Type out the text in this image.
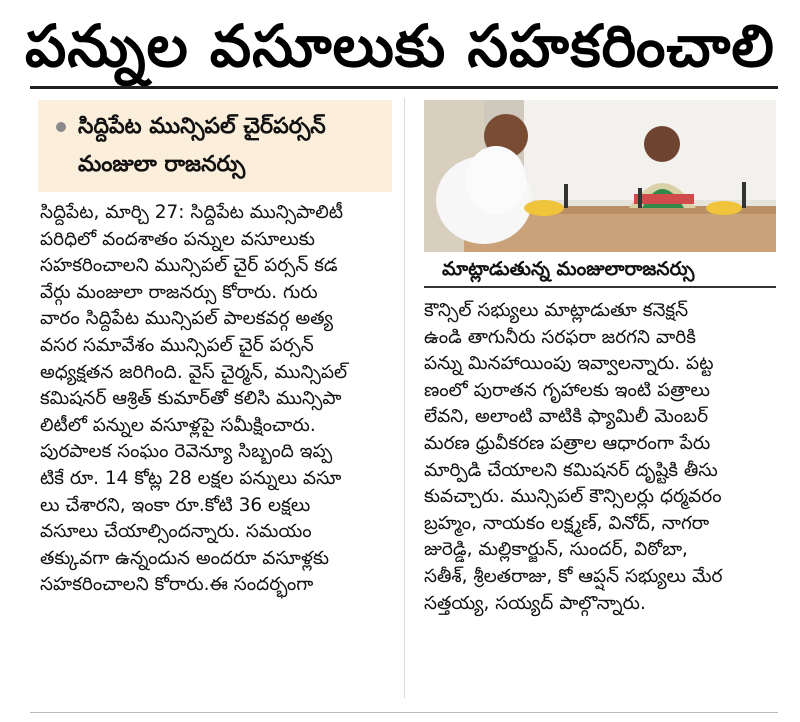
పన్నుల వసూలుకు సహకరించాలి
సిద్దిపేట మున్సిపల్ చైర్‌పర్సన్
మంజులా రాజనర్సు
సిద్దిపేట, మార్చి 27: సిద్దిపేట మున్సిపాలిటీ
పరిధిలో వందశాతం పన్నుల వసూలుకు
సహకరించాలని మున్సిపల్ చైర్ పర్సన్ కడ
వేర్గు మంజులా రాజనర్సు కోరారు. గురు
వారం సిద్దిపేట మున్సిపల్ పాలకవర్గ అత్య
వసర సమావేశం మున్సిపల్ చైర్ పర్సన్
అధ్యక్షతన జరిగింది. వైస్ చైర్మన్, మున్సిపల్
కమిషనర్ ఆశ్రిత్ కుమార్‌తో కలిసి మున్సిపా
లిటీలో పన్నుల వసూళ్లపై సమీక్షించారు.
పురపాలక సంఘం రెవెన్యూ సిబ్బంది ఇప్ప
టికే రూ. 14 కోట్ల 28 లక్షల పన్నులు వసూ
లు చేశారని, ఇంకా రూ.కోటి 36 లక్షలు
వసూలు చేయాల్సిందన్నారు. సమయం
తక్కువగా ఉన్నందున అందరూ వసూళ్లకు
సహకరించాలని కోరారు.ఈ సందర్భంగా
మాట్లాడుతున్న మంజులారాజనర్సు
కౌన్సిల్ సభ్యులు మాట్లాడుతూ కనెక్షన్
ఉండి తాగునీరు సరఫరా జరగని వారికి
పన్ను మినహాయింపు ఇవ్వాలన్నారు. పట్ట
ణంలో పురాతన గృహాలకు ఇంటి పత్రాలు
లేవని, అలాంటి వాటికి ఫ్యామిలీ మెంబర్
మరణ ధ్రువీకరణ పత్రాల ఆధారంగా పేరు
మార్పిడి చేయాలని కమిషనర్ దృష్టికి తీసు
కువచ్చారు. మున్సిపల్ కౌన్సిలర్లు ధర్మవరం
బ్రహ్మం, నాయకం లక్ష్మణ్, వినోద్, నాగరా
జురెడ్డి, మల్లికార్జున్, సుందర్, విఠోబా,
సతీశ్, శ్రీలతరాజు, కో ఆప్షన్ సభ్యులు మేర
సత్తయ్య, సయ్యద్ పాల్గొన్నారు.
